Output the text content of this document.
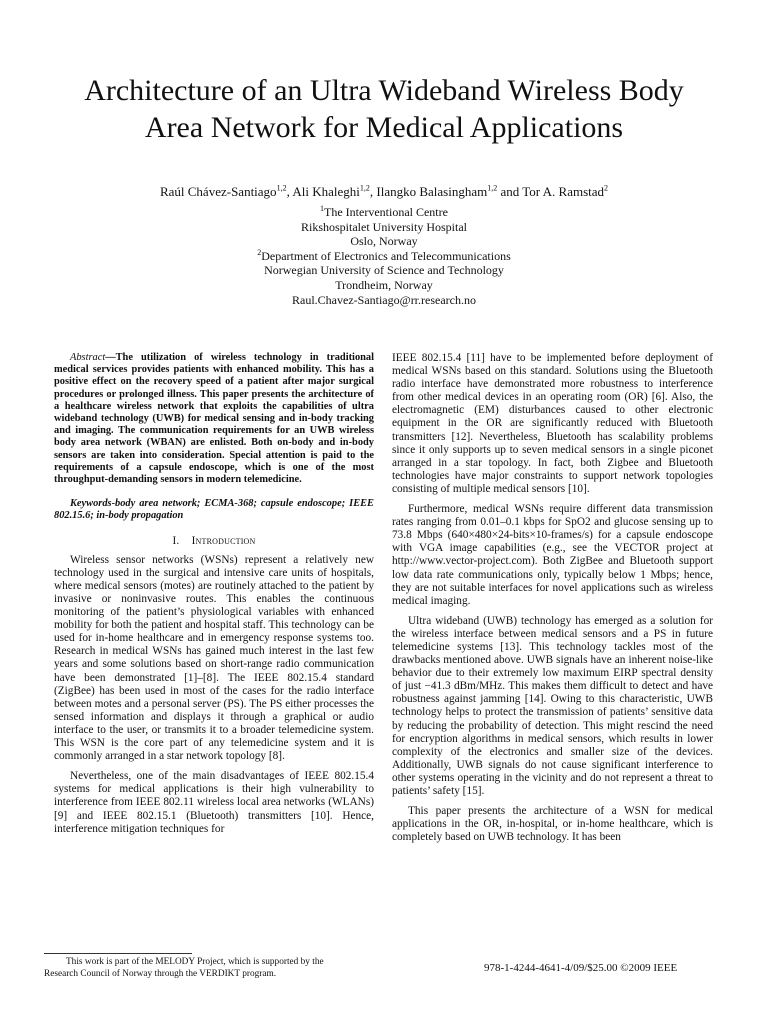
Architecture of an Ultra Wideband Wireless Body
Area Network for Medical Applications
Raúl Chávez-Santiago$^{1,2}$, Ali Khaleghi$^{1,2}$, Ilangko Balasingham$^{1,2}$ and Tor A. Ramstad$^2$
$^1$The Interventional Centre
Rikshospitalet University Hospital
Oslo, Norway
$^2$Department of Electronics and Telecommunications
Norwegian University of Science and Technology
Trondheim, Norway
Raul.Chavez-Santiago@rr.research.no

Abstract—The utilization of wireless technology in traditional medical services provides patients with enhanced mobility. This has a positive effect on the recovery speed of a patient after major surgical procedures or prolonged illness. This paper presents the architecture of a healthcare wireless network that exploits the capabilities of ultra wideband technology (UWB) for medical sensing and in-body tracking and imaging. The communication requirements for an UWB wireless body area network (WBAN) are enlisted. Both on-body and in-body sensors are taken into consideration. Special attention is paid to the requirements of a capsule endoscope, which is one of the most throughput-demanding sensors in modern telemedicine.

Keywords-body area network; ECMA-368; capsule endoscope; IEEE 802.15.6; in-body propagation

I. Introduction

Wireless sensor networks (WSNs) represent a relatively new technology used in the surgical and intensive care units of hospitals, where medical sensors (motes) are routinely attached to the patient by invasive or noninvasive routes. This enables the continuous monitoring of the patient’s physiological variables with enhanced mobility for both the patient and hospital staff. This technology can be used for in-home healthcare and in emergency response systems too. Research in medical WSNs has gained much interest in the last few years and some solutions based on short-range radio communication have been demonstrated [1]–[8]. The IEEE 802.15.4 standard (ZigBee) has been used in most of the cases for the radio interface between motes and a personal server (PS). The PS either processes the sensed information and displays it through a graphical or audio interface to the user, or transmits it to a broader telemedicine system. This WSN is the core part of any telemedicine system and it is commonly arranged in a star network topology [8].

Nevertheless, one of the main disadvantages of IEEE 802.15.4 systems for medical applications is their high vulnerability to interference from IEEE 802.11 wireless local area networks (WLANs) [9] and IEEE 802.15.1 (Bluetooth) transmitters [10]. Hence, interference mitigation techniques for

IEEE 802.15.4 [11] have to be implemented before deployment of medical WSNs based on this standard. Solutions using the Bluetooth radio interface have demonstrated more robustness to interference from other medical devices in an operating room (OR) [6]. Also, the electromagnetic (EM) disturbances caused to other electronic equipment in the OR are significantly reduced with Bluetooth transmitters [12]. Nevertheless, Bluetooth has scalability problems since it only supports up to seven medical sensors in a single piconet arranged in a star topology. In fact, both Zigbee and Bluetooth technologies have major constraints to support network topologies consisting of multiple medical sensors [10].

Furthermore, medical WSNs require different data transmission rates ranging from 0.01–0.1 kbps for SpO2 and glucose sensing up to 73.8 Mbps (640×480×24-bits×10-frames/s) for a capsule endoscope with VGA image capabilities (e.g., see the VECTOR project at http://www.vector-project.com). Both ZigBee and Bluetooth support low data rate communications only, typically below 1 Mbps; hence, they are not suitable interfaces for novel applications such as wireless medical imaging.

Ultra wideband (UWB) technology has emerged as a solution for the wireless interface between medical sensors and a PS in future telemedicine systems [13]. This technology tackles most of the drawbacks mentioned above. UWB signals have an inherent noise-like behavior due to their extremely low maximum EIRP spectral density of just −41.3 dBm/MHz. This makes them difficult to detect and have robustness against jamming [14]. Owing to this characteristic, UWB technology helps to protect the transmission of patients’ sensitive data by reducing the probability of detection. This might rescind the need for encryption algorithms in medical sensors, which results in lower complexity of the electronics and smaller size of the devices. Additionally, UWB signals do not cause significant interference to other systems operating in the vicinity and do not represent a threat to patients’ safety [15].

This paper presents the architecture of a WSN for medical applications in the OR, in-hospital, or in-home healthcare, which is completely based on UWB technology. It has been

This work is part of the MELODY Project, which is supported by the

Research Council of Norway through the VERDIKT program.	978-1-4244-4641-4/09/$25.00 ©2009 IEEE
